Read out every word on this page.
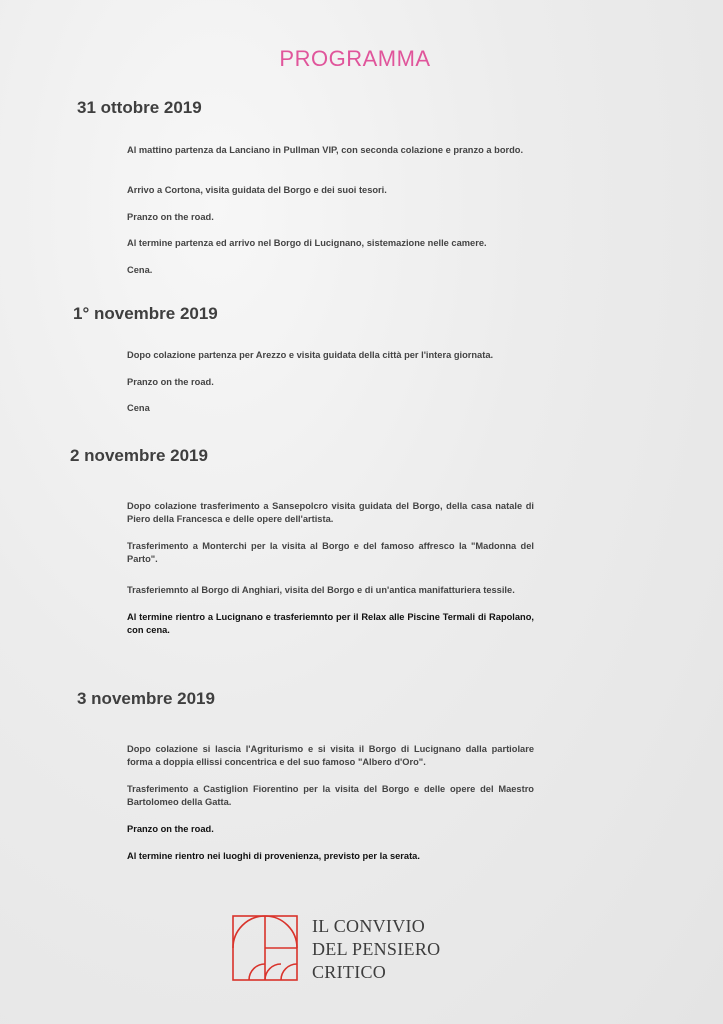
PROGRAMMA
31 ottobre 2019
Al mattino partenza da Lanciano in Pullman VIP, con seconda colazione e pranzo a bordo.
Arrivo a Cortona, visita guidata del Borgo e dei suoi tesori.
Pranzo on the road.
Al termine partenza ed arrivo nel Borgo di Lucignano, sistemazione nelle camere.
Cena.
1° novembre 2019
Dopo colazione partenza per Arezzo e visita guidata della città per l'intera giornata.
Pranzo on the road.
Cena
2 novembre 2019
Dopo colazione trasferimento a Sansepolcro visita guidata del Borgo, della casa natale di Piero della Francesca e delle opere dell'artista.
Trasferimento a Monterchi per la visita al Borgo e del famoso affresco la "Madonna del Parto".
Trasferiemnto al Borgo di Anghiari, visita del Borgo e di un'antica manifatturiera tessile.
Al termine rientro a Lucignano e trasferiemnto per il Relax alle Piscine Termali di Rapolano, con cena.
3 novembre 2019
Dopo colazione si lascia l'Agriturismo e si visita il Borgo di Lucignano dalla partiolare forma a doppia ellissi concentrica e del suo famoso "Albero d'Oro".
Trasferimento a Castiglion Fiorentino per la visita del Borgo e delle opere del Maestro Bartolomeo della Gatta.
Pranzo on the road.
Al termine rientro nei luoghi di provenienza, previsto per la serata.
IL CONVIVIO
DEL PENSIERO
CRITICO
